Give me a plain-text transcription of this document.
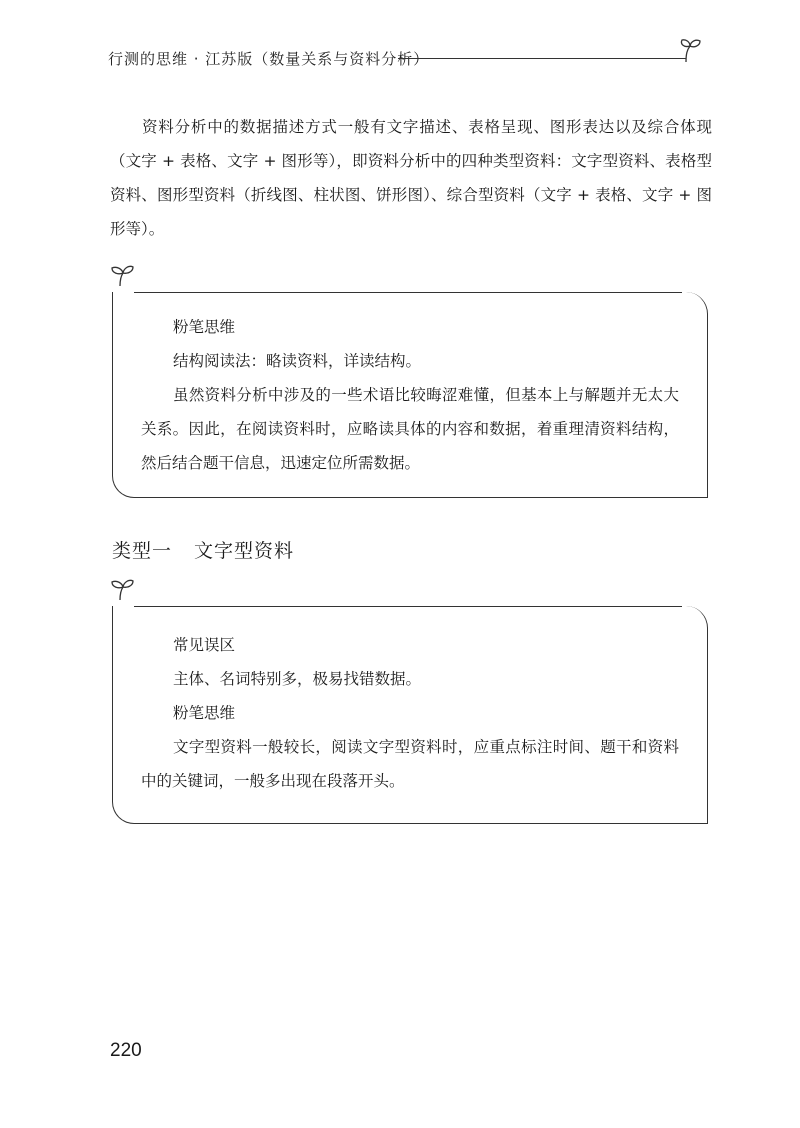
行测的思维 · 江苏版（数量关系与资料分析）

资料分析中的数据描述方式一般有文字描述、表格呈现、图形表达以及综合体现（文字 + 表格、文字 + 图形等），即资料分析中的四种类型资料：文字型资料、表格型资料、图形型资料（折线图、柱状图、饼形图）、综合型资料（文字 + 表格、文字 + 图形等）。

粉笔思维

结构阅读法：略读资料，详读结构。

虽然资料分析中涉及的一些术语比较晦涩难懂，但基本上与解题并无太大关系。因此，在阅读资料时，应略读具体的内容和数据，着重理清资料结构，然后结合题干信息，迅速定位所需数据。

类型一 文字型资料

常见误区

主体、名词特别多，极易找错数据。

粉笔思维

文字型资料一般较长，阅读文字型资料时，应重点标注时间、题干和资料中的关键词，一般多出现在段落开头。

220
